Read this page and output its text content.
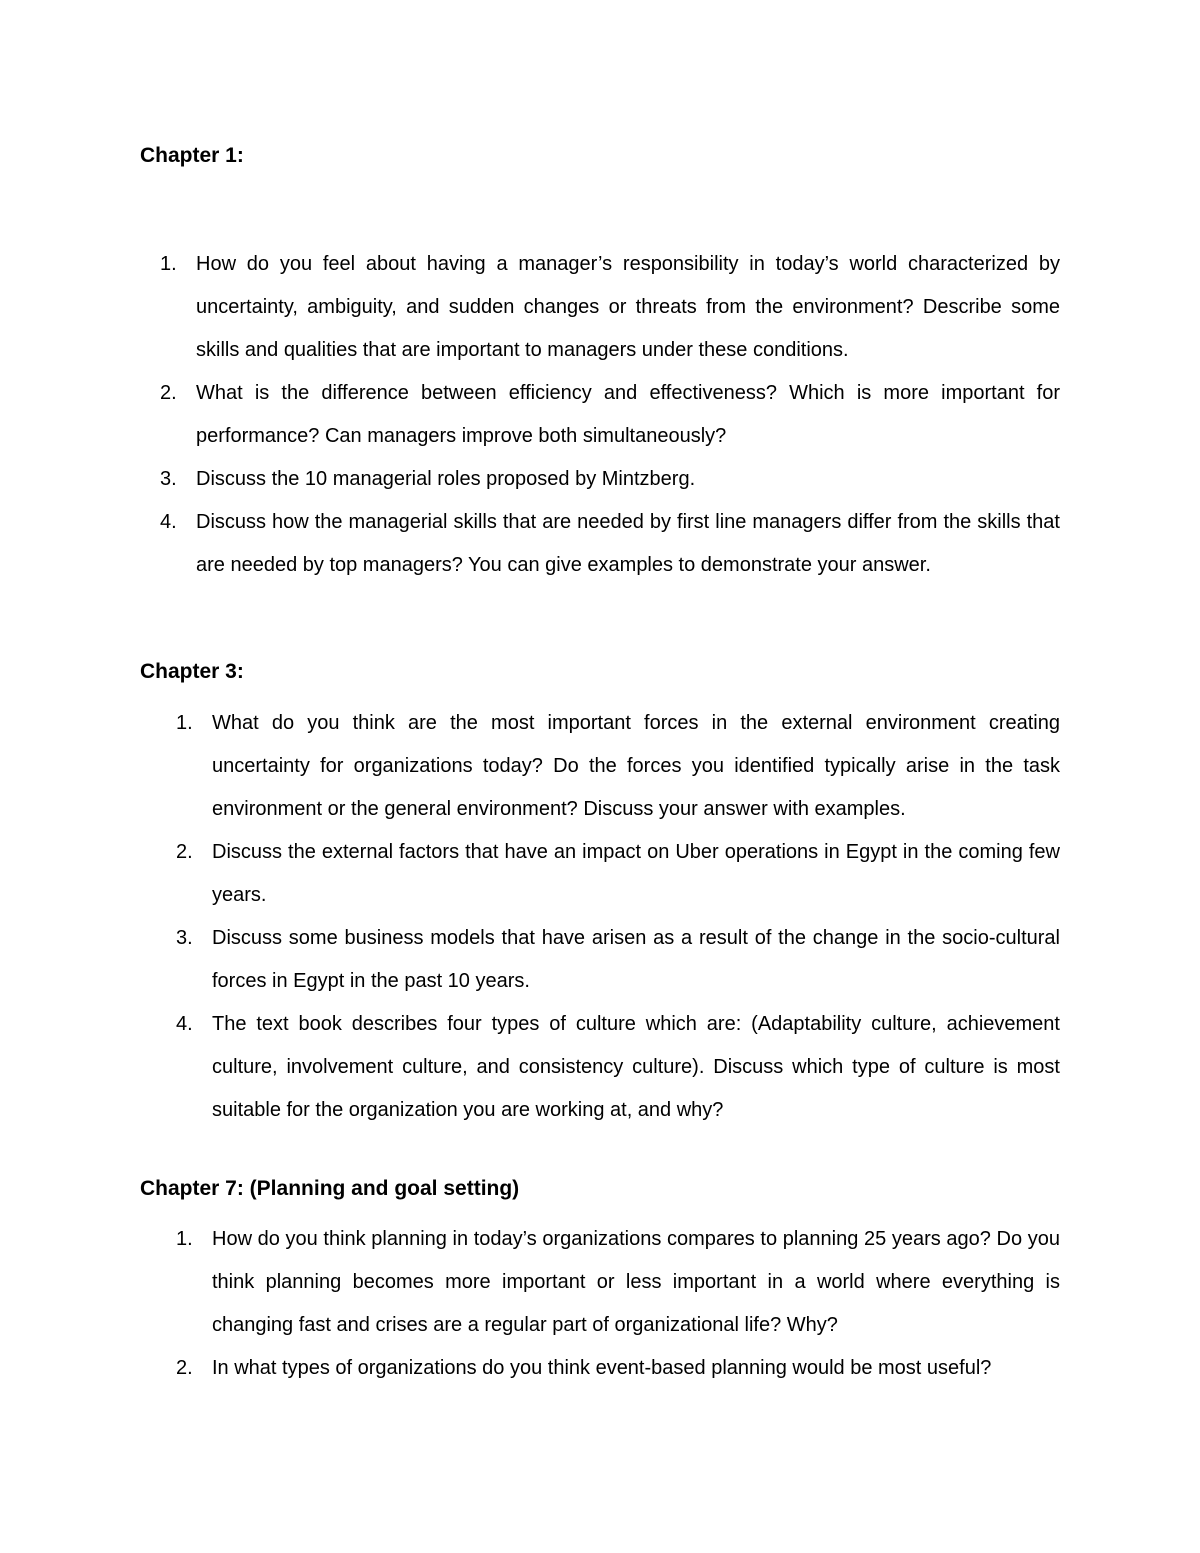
Chapter 1:
1. How do you feel about having a manager’s responsibility in today’s world characterized by uncertainty, ambiguity, and sudden changes or threats from the environment? Describe some skills and qualities that are important to managers under these conditions.
2. What is the difference between efficiency and effectiveness? Which is more important for performance? Can managers improve both simultaneously?
3. Discuss the 10 managerial roles proposed by Mintzberg.
4. Discuss how the managerial skills that are needed by first line managers differ from the skills that are needed by top managers? You can give examples to demonstrate your answer.
Chapter 3:
1. What do you think are the most important forces in the external environment creating uncertainty for organizations today? Do the forces you identified typically arise in the task environment or the general environment? Discuss your answer with examples.
2. Discuss the external factors that have an impact on Uber operations in Egypt in the coming few years.
3. Discuss some business models that have arisen as a result of the change in the socio-cultural forces in Egypt in the past 10 years.
4. The text book describes four types of culture which are: (Adaptability culture, achievement culture, involvement culture, and consistency culture). Discuss which type of culture is most suitable for the organization you are working at, and why?
Chapter 7: (Planning and goal setting)
1. How do you think planning in today’s organizations compares to planning 25 years ago? Do you think planning becomes more important or less important in a world where everything is changing fast and crises are a regular part of organizational life? Why?
2. In what types of organizations do you think event-based planning would be most useful?
